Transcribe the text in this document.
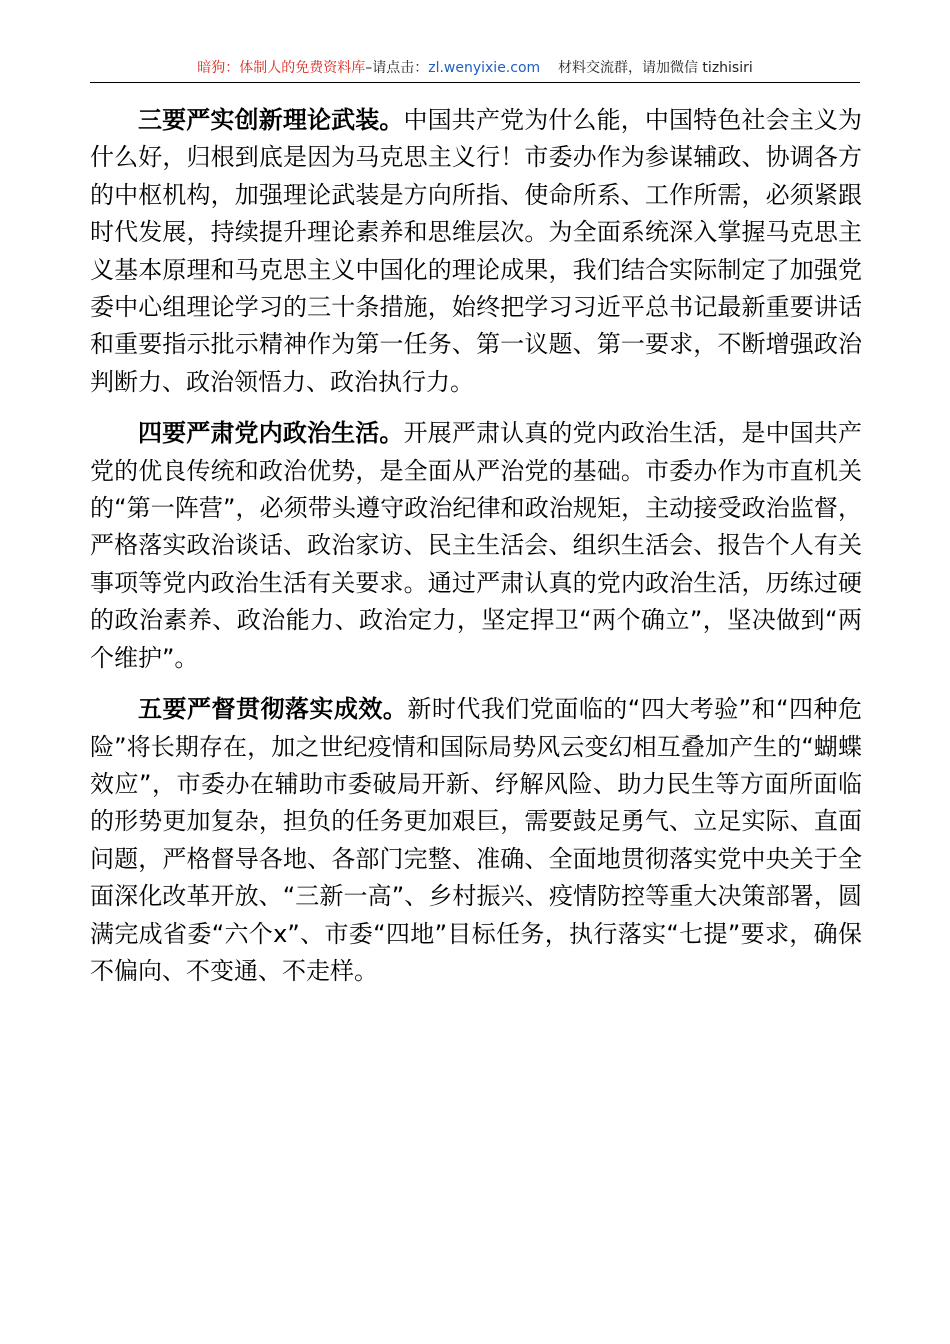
暗狗：体制人的免费资料库–请点击：zl.wenyixie.com 材料交流群，请加微信 tizhisiri

三要严实创新理论武装。中国共产党为什么能，中国特色社会主义为什么好，归根到底是因为马克思主义行！市委办作为参谋辅政、协调各方的中枢机构，加强理论武装是方向所指、使命所系、工作所需，必须紧跟时代发展，持续提升理论素养和思维层次。为全面系统深入掌握马克思主义基本原理和马克思主义中国化的理论成果，我们结合实际制定了加强党委中心组理论学习的三十条措施，始终把学习习近平总书记最新重要讲话和重要指示批示精神作为第一任务、第一议题、第一要求，不断增强政治判断力、政治领悟力、政治执行力。

四要严肃党内政治生活。开展严肃认真的党内政治生活，是中国共产党的优良传统和政治优势，是全面从严治党的基础。市委办作为市直机关的“第一阵营”，必须带头遵守政治纪律和政治规矩，主动接受政治监督，严格落实政治谈话、政治家访、民主生活会、组织生活会、报告个人有关事项等党内政治生活有关要求。通过严肃认真的党内政治生活，历练过硬的政治素养、政治能力、政治定力，坚定捍卫“两个确立”，坚决做到“两个维护”。

五要严督贯彻落实成效。新时代我们党面临的“四大考验”和“四种危险”将长期存在，加之世纪疫情和国际局势风云变幻相互叠加产生的“蝴蝶效应”，市委办在辅助市委破局开新、纾解风险、助力民生等方面所面临的形势更加复杂，担负的任务更加艰巨，需要鼓足勇气、立足实际、直面问题，严格督导各地、各部门完整、准确、全面地贯彻落实党中央关于全面深化改革开放、“三新一高”、乡村振兴、疫情防控等重大决策部署，圆满完成省委“六个x”、市委“四地”目标任务，执行落实“七提”要求，确保不偏向、不变通、不走样。
